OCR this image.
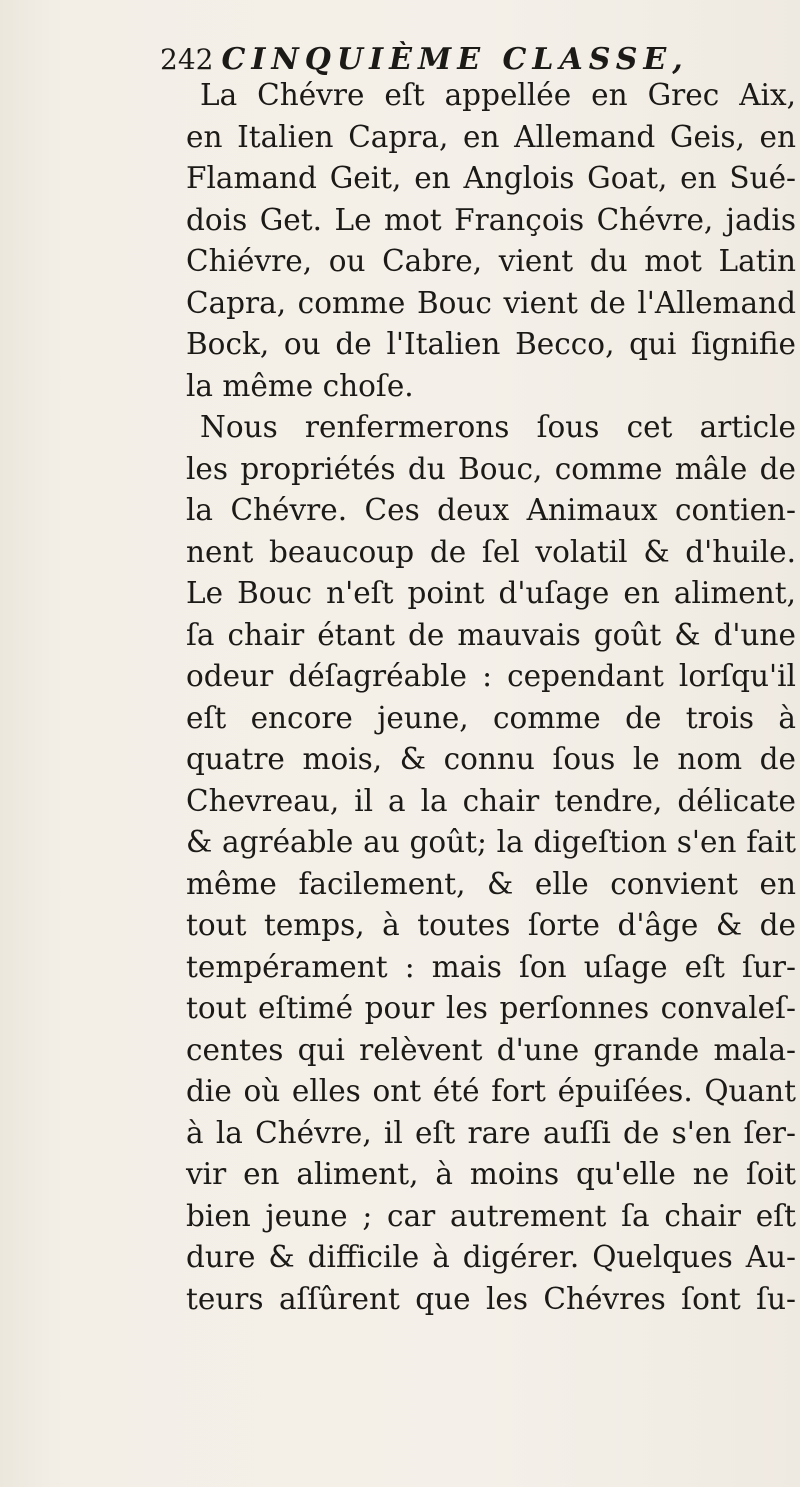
242 CINQUIÈME CLASSE,
La Chévre eſt appellée en Grec Aix,
en Italien Capra, en Allemand Geis, en
Flamand Geit, en Anglois Goat, en Sué-
dois Get. Le mot François Chévre, jadis
Chiévre, ou Cabre, vient du mot Latin
Capra, comme Bouc vient de l'Allemand
Bock, ou de l'Italien Becco, qui ſignifie
la même choſe.
Nous renfermerons ſous cet article
les propriétés du Bouc, comme mâle de
la Chévre. Ces deux Animaux contien-
nent beaucoup de ſel volatil & d'huile.
Le Bouc n'eſt point d'uſage en aliment,
ſa chair étant de mauvais goût & d'une
odeur déſagréable : cependant lorſqu'il
eſt encore jeune, comme de trois à
quatre mois, & connu ſous le nom de
Chevreau, il a la chair tendre, délicate
& agréable au goût; la digeſtion s'en fait
même facilement, & elle convient en
tout temps, à toutes ſorte d'âge & de
tempérament : mais ſon uſage eſt ſur-
tout eſtimé pour les perſonnes convaleſ-
centes qui relèvent d'une grande mala-
die où elles ont été fort épuiſées. Quant
à la Chévre, il eſt rare auſſi de s'en ſer-
vir en aliment, à moins qu'elle ne ſoit
bien jeune ; car autrement ſa chair eſt
dure & difficile à digérer. Quelques Au-
teurs aſſûrent que les Chévres ſont ſu-
